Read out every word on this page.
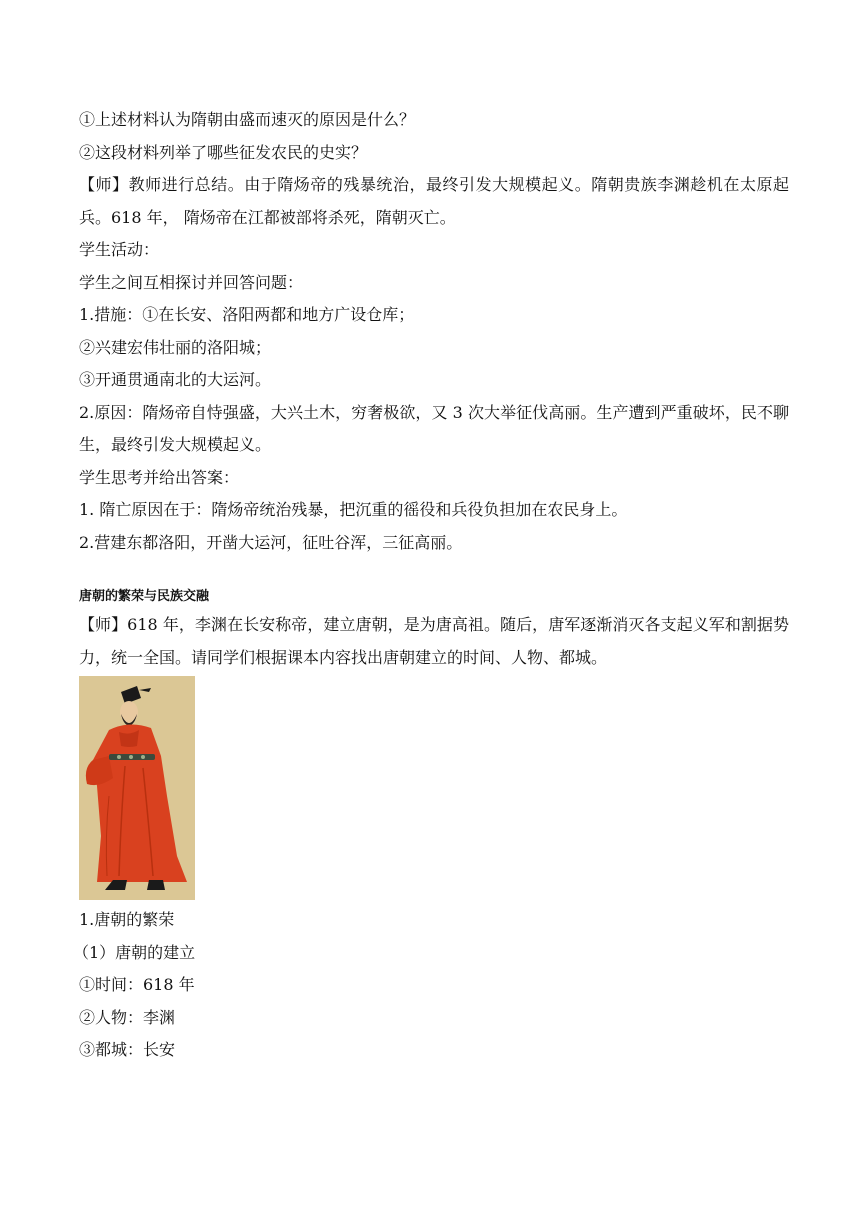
①上述材料认为隋朝由盛而速灭的原因是什么？
②这段材料列举了哪些征发农民的史实？
【师】教师进行总结。由于隋炀帝的残暴统治，最终引发大规模起义。隋朝贵族李渊趁机在太原起兵。618 年， 隋炀帝在江都被部将杀死，隋朝灭亡。
学生活动：
学生之间互相探讨并回答问题：
1.措施：①在长安、洛阳两都和地方广设仓库；
②兴建宏伟壮丽的洛阳城；
③开通贯通南北的大运河。
2.原因：隋炀帝自恃强盛，大兴土木，穷奢极欲，又 3 次大举征伐高丽。生产遭到严重破坏，民不聊生，最终引发大规模起义。
学生思考并给出答案：
1. 隋亡原因在于：隋炀帝统治残暴，把沉重的徭役和兵役负担加在农民身上。
2.营建东都洛阳，开凿大运河，征吐谷浑，三征高丽。
唐朝的繁荣与民族交融
【师】618 年，李渊在长安称帝，建立唐朝，是为唐高祖。随后，唐军逐渐消灭各支起义军和割据势力，统一全国。请同学们根据课本内容找出唐朝建立的时间、人物、都城。
1.唐朝的繁荣
（1）唐朝的建立
①时间：618 年
②人物：李渊
③都城：长安
